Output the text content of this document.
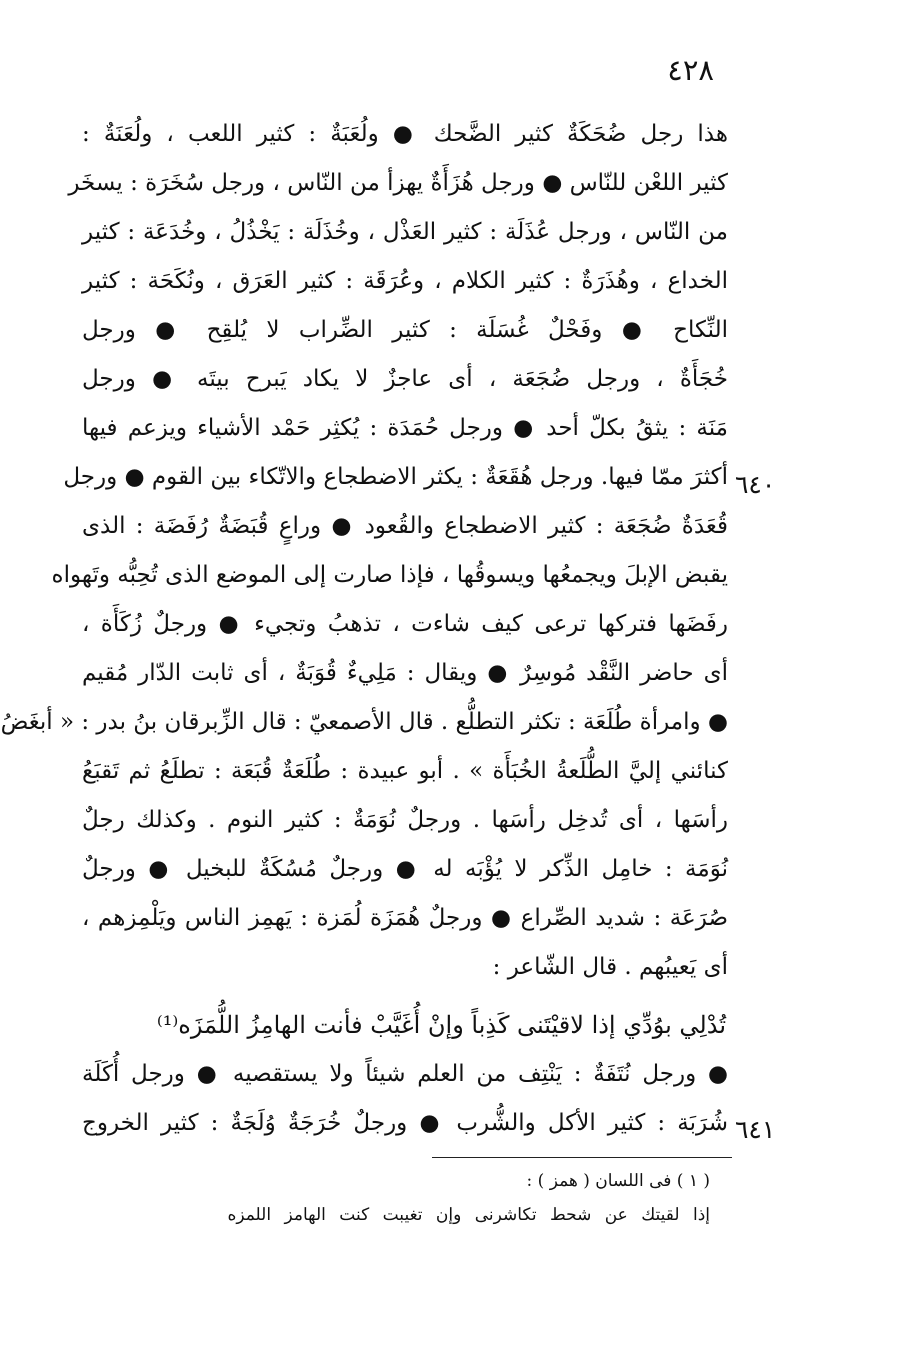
٤٢٨
هذا رجل ضُحَكَةٌ كثير الضَّحك ● ولُعَبَةٌ : كثير اللعب ، ولُعَنَةٌ :
كثير اللعْن للنّاس ● ورجل هُزَأَةٌ يهزأ من النّاس ، ورجل سُخَرَة : يسخَر
من النّاس ، ورجل عُذَلَة : كثير العَذْل ، وخُذَلَة : يَخْذُلُ ، وخُدَعَة : كثير
الخداع ، وهُذَرَةٌ : كثير الكلام ، وعُرَقَة : كثير العَرَق ، ونُكَحَة : كثير
النِّكاح ● وفَحْلٌ غُسَلَة : كثير الضِّراب لا يُلقِح ● ورجل
خُجَأَةٌ ، ورجل ضُجَعَة ، أى عاجزٌ لا يكاد يَبرح بيتَه ● ورجل
مَنَة : يثقُ بكلّ أحد ● ورجل حُمَدَة : يُكثِر حَمْد الأشياء ويزعم فيها
أكثرَ ممّا فيها. ورجل هُقَعَةٌ : يكثر الاضطجاع والاتّكاء بين القوم ● ورجل
قُعَدَةٌ ضُجَعَة : كثير الاضطجاع والقُعود ● وراعٍ قُبَضَةٌ رُفَضَة : الذى
يقبض الإبلَ ويجمعُها ويسوقُها ، فإذا صارت إلى الموضع الذى تُحِبُّه وتَهواه
رفَضَها فتركها ترعى كيف شاءت ، تذهبُ وتجيء ● ورجلٌ زُكَأَة ،
أى حاضر النَّقْد مُوسِرٌ ● ويقال : مَلِيءٌ قُوَبَةٌ ، أى ثابت الدّار مُقيم
● وامرأة طُلَعَة : تكثر التطلُّع . قال الأصمعيّ : قال الزِّبرقان بنُ بدر : « أبغَضُ
كنائني إليَّ الطُّلَعةُ الخُبَأَة » . أبو عبيدة : طُلَعَةٌ قُبَعَة : تطلَعُ ثم تَقبَعُ
رأسَها ، أى تُدخِل رأسَها . ورجلٌ نُوَمَةٌ : كثير النوم . وكذلك رجلٌ
نُوَمَة : خامِل الذِّكر لا يُؤْبَه له ● ورجلٌ مُسُكَةٌ للبخيل ● ورجلٌ
صُرَعَة : شديد الصِّراع ● ورجلٌ هُمَزَة لُمَزة : يَهمِز الناس ويَلْمِزهم ،
أى يَعيبُهم . قال الشّاعر :
تُدْلِي بوُدِّي إذا لاقيْتَنى كَذِباً وإنْ أُغَيَّبْ فأنت الهامِزُ اللُّمَزَه⁽¹⁾
● ورجل نُتَفَةٌ : يَنْتِف من العلم شيئاً ولا يستقصيه ● ورجل أُكَلَة
شُرَبَة : كثير الأكل والشُّرب ● ورجلٌ خُرَجَةٌ وُلَجَةٌ : كثير الخروج
٦٤٠
٦٤١
( ١ ) فى اللسان ( همز ) :
إذا لقيتك عن شحط تكاشرنى وإن تغيبت كنت الهامز اللمزه
